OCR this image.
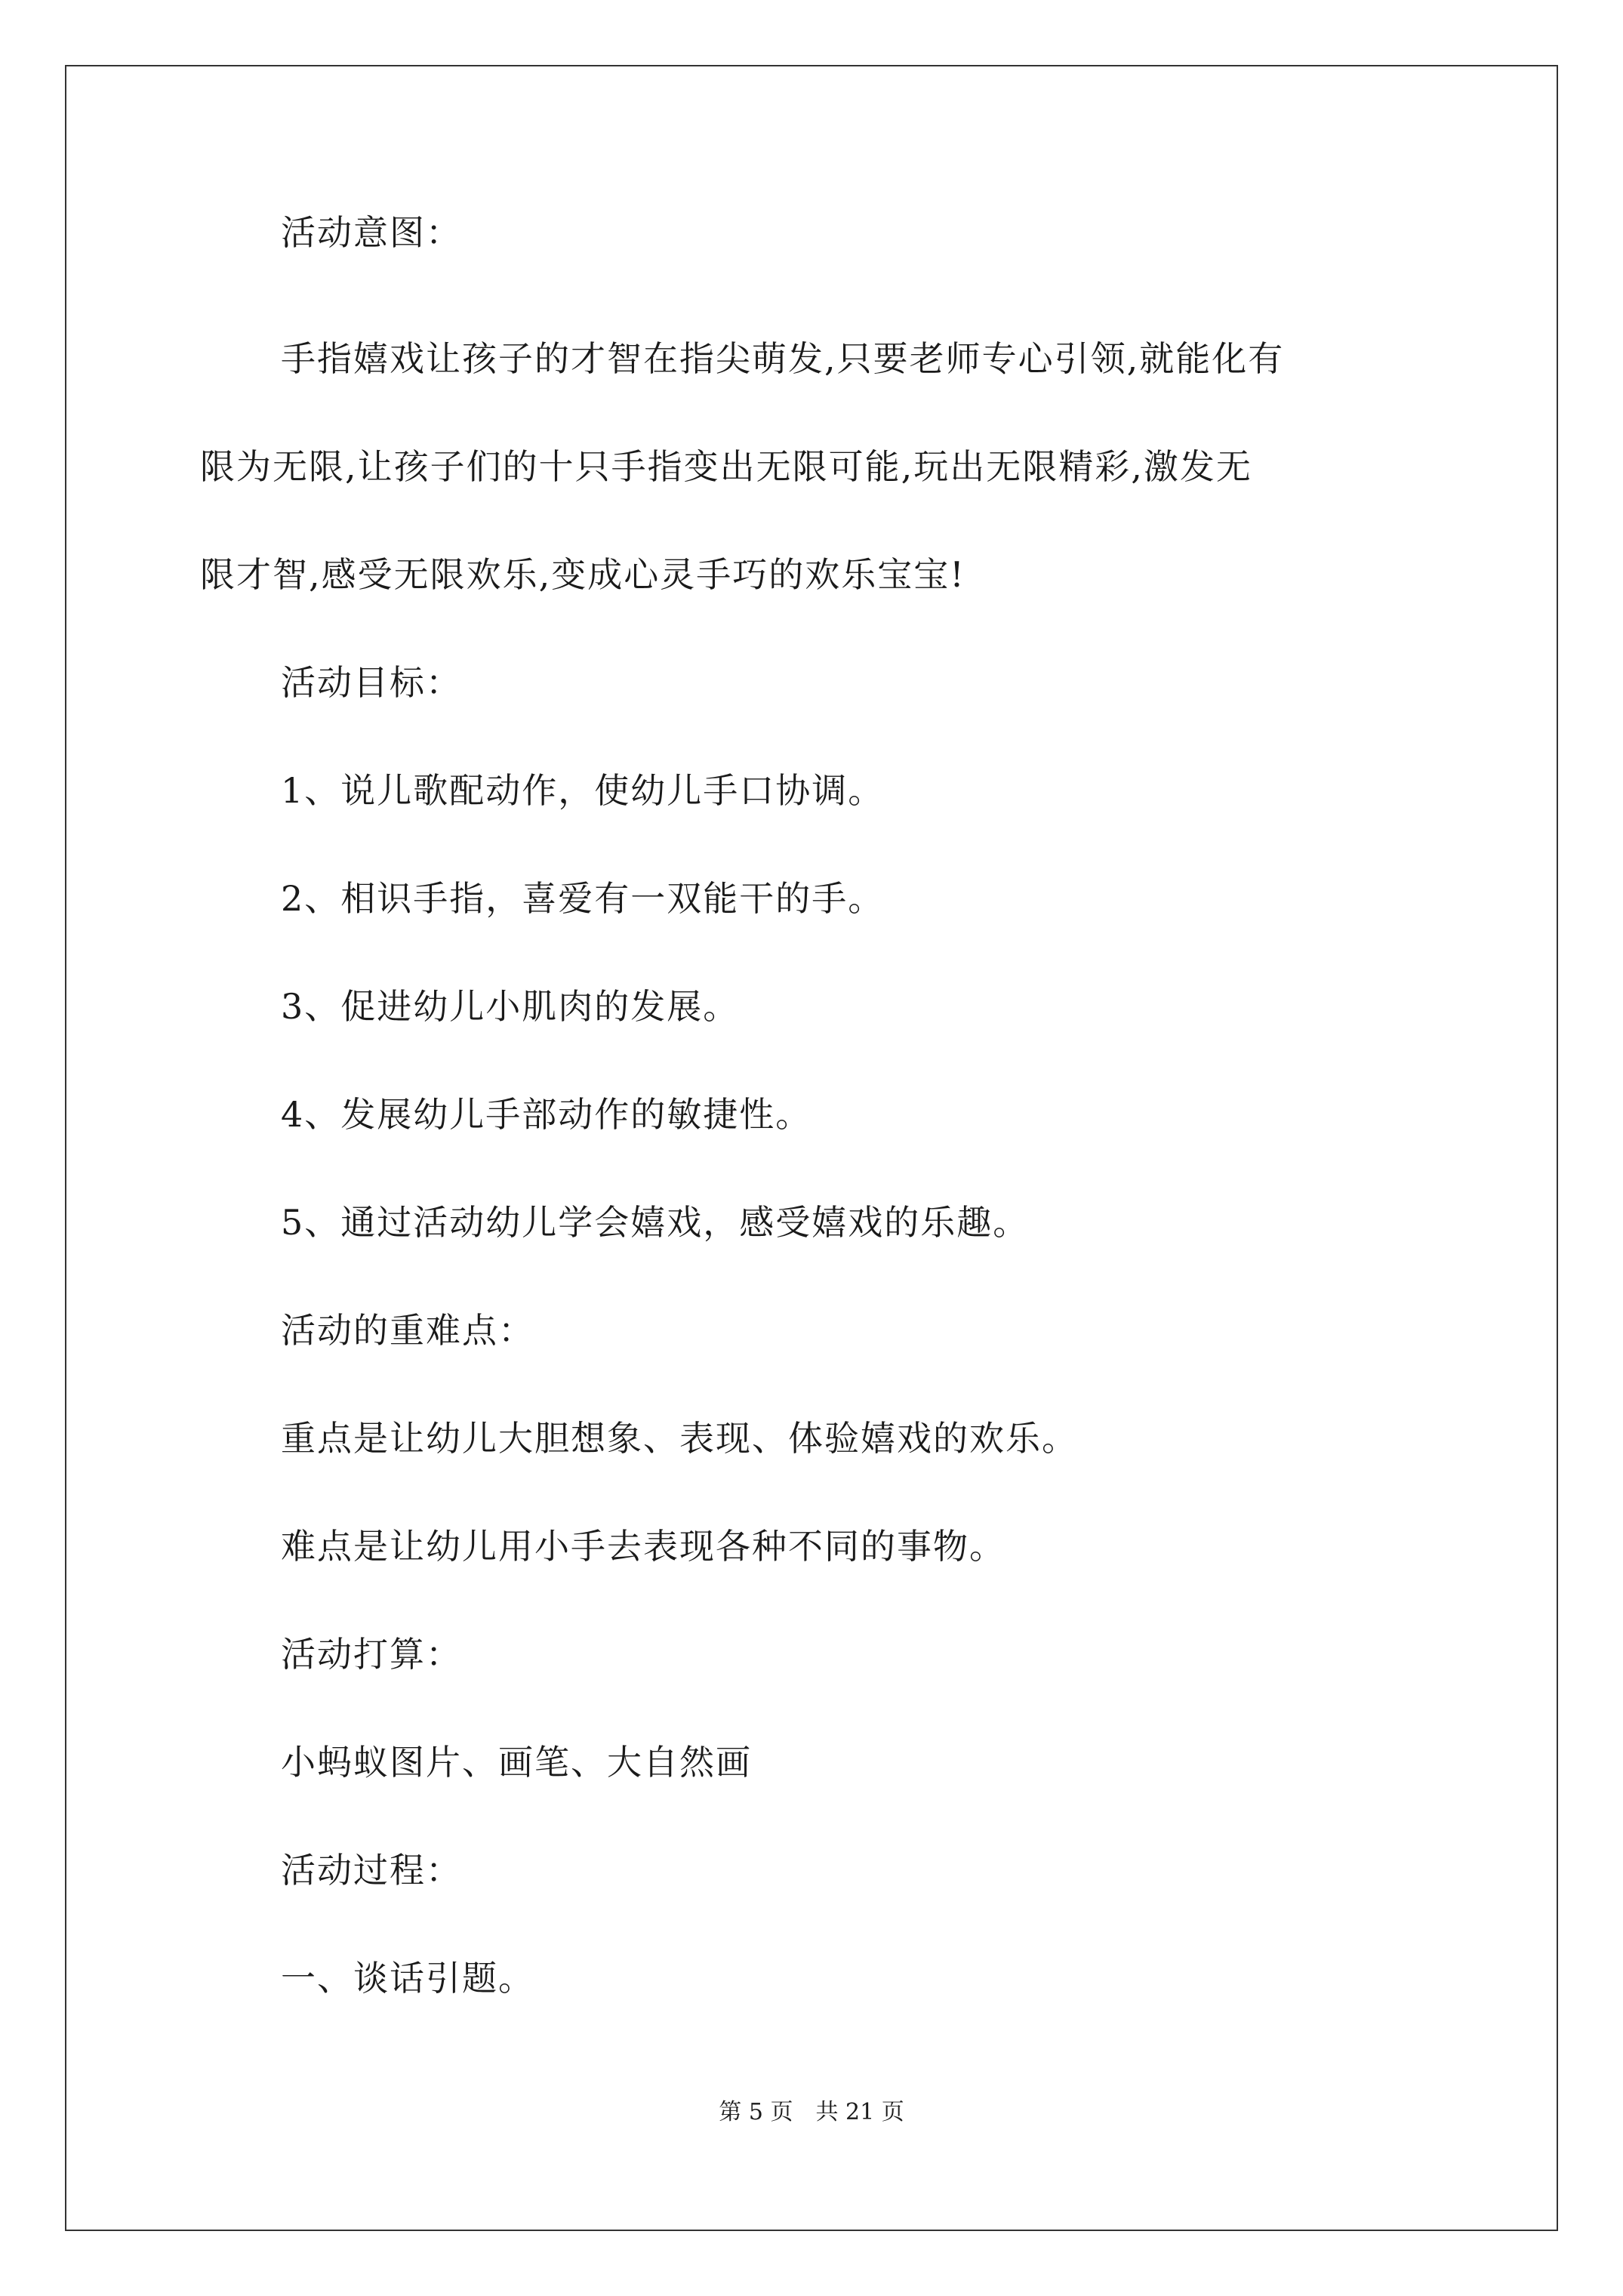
活动意图：
手指嬉戏让孩子的才智在指尖萌发,只要老师专心引领,就能化有
限为无限,让孩子们的十只手指变出无限可能,玩出无限精彩,激发无
限才智,感受无限欢乐,变成心灵手巧的欢乐宝宝!
活动目标：
1、说儿歌配动作，使幼儿手口协调。
2、相识手指，喜爱有一双能干的手。
3、促进幼儿小肌肉的发展。
4、发展幼儿手部动作的敏捷性。
5、通过活动幼儿学会嬉戏，感受嬉戏的乐趣。
活动的重难点：
重点是让幼儿大胆想象、表现、体验嬉戏的欢乐。
难点是让幼儿用小手去表现各种不同的事物。
活动打算：
小蚂蚁图片、画笔、大自然画
活动过程：
一、谈话引题。
第 5 页　共 21 页
